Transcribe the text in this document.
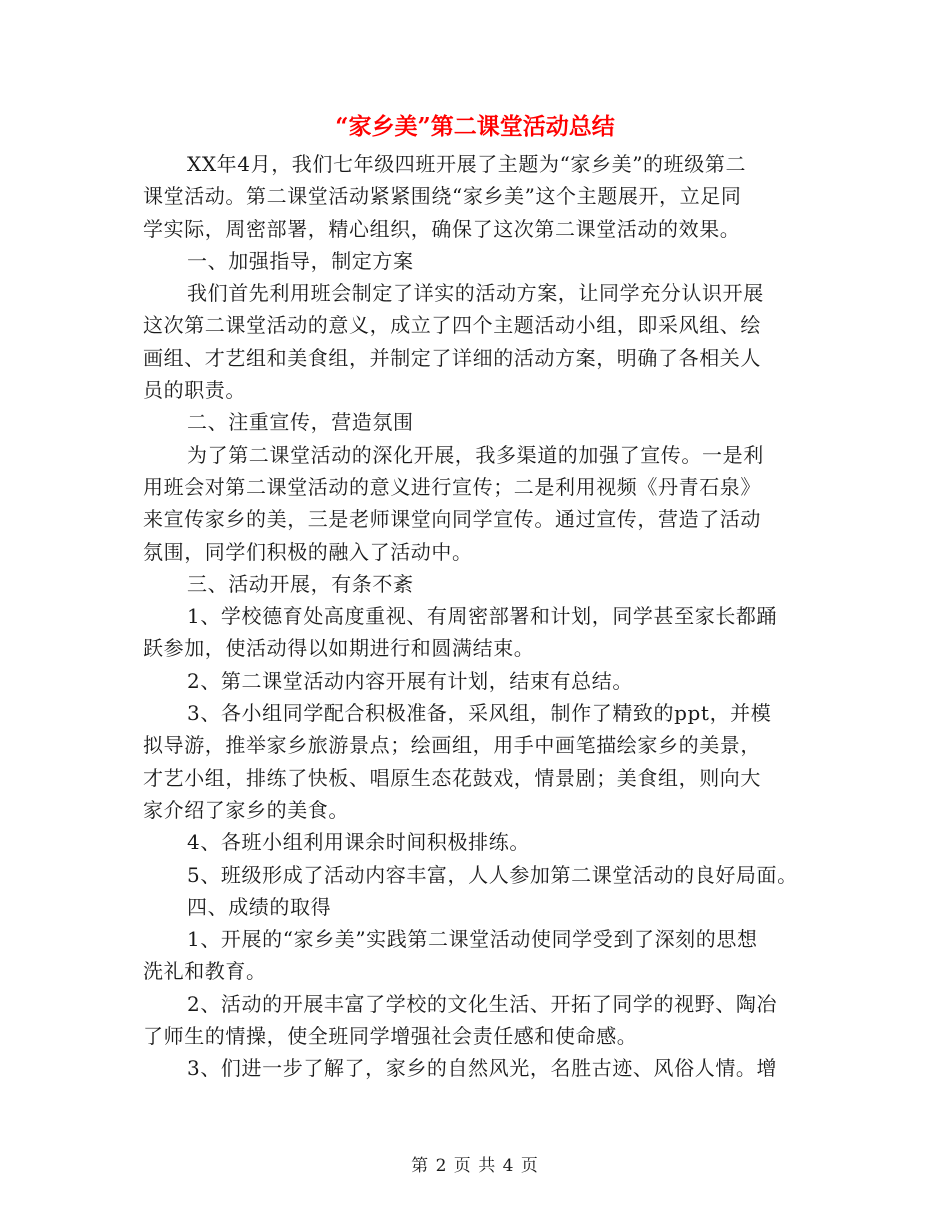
“家乡美”第二课堂活动总结
XX年4月，我们七年级四班开展了主题为“家乡美”的班级第二
课堂活动。第二课堂活动紧紧围绕“家乡美”这个主题展开，立足同
学实际，周密部署，精心组织，确保了这次第二课堂活动的效果。
一、加强指导，制定方案
我们首先利用班会制定了详实的活动方案，让同学充分认识开展
这次第二课堂活动的意义，成立了四个主题活动小组，即采风组、绘
画组、才艺组和美食组，并制定了详细的活动方案，明确了各相关人
员的职责。
二、注重宣传，营造氛围
为了第二课堂活动的深化开展，我多渠道的加强了宣传。一是利
用班会对第二课堂活动的意义进行宣传；二是利用视频《丹青石泉》
来宣传家乡的美，三是老师课堂向同学宣传。通过宣传，营造了活动
氛围，同学们积极的融入了活动中。
三、活动开展，有条不紊
1、学校德育处高度重视、有周密部署和计划，同学甚至家长都踊
跃参加，使活动得以如期进行和圆满结束。
2、第二课堂活动内容开展有计划，结束有总结。
3、各小组同学配合积极准备，采风组，制作了精致的ppt，并模
拟导游，推举家乡旅游景点；绘画组，用手中画笔描绘家乡的美景，
才艺小组，排练了快板、唱原生态花鼓戏，情景剧；美食组，则向大
家介绍了家乡的美食。
4、各班小组利用课余时间积极排练。
5、班级形成了活动内容丰富，人人参加第二课堂活动的良好局面。
四、成绩的取得
1、开展的“家乡美”实践第二课堂活动使同学受到了深刻的思想
洗礼和教育。
2、活动的开展丰富了学校的文化生活、开拓了同学的视野、陶冶
了师生的情操，使全班同学增强社会责任感和使命感。
3、们进一步了解了，家乡的自然风光，名胜古迹、风俗人情。增
第 2 页 共 4 页
